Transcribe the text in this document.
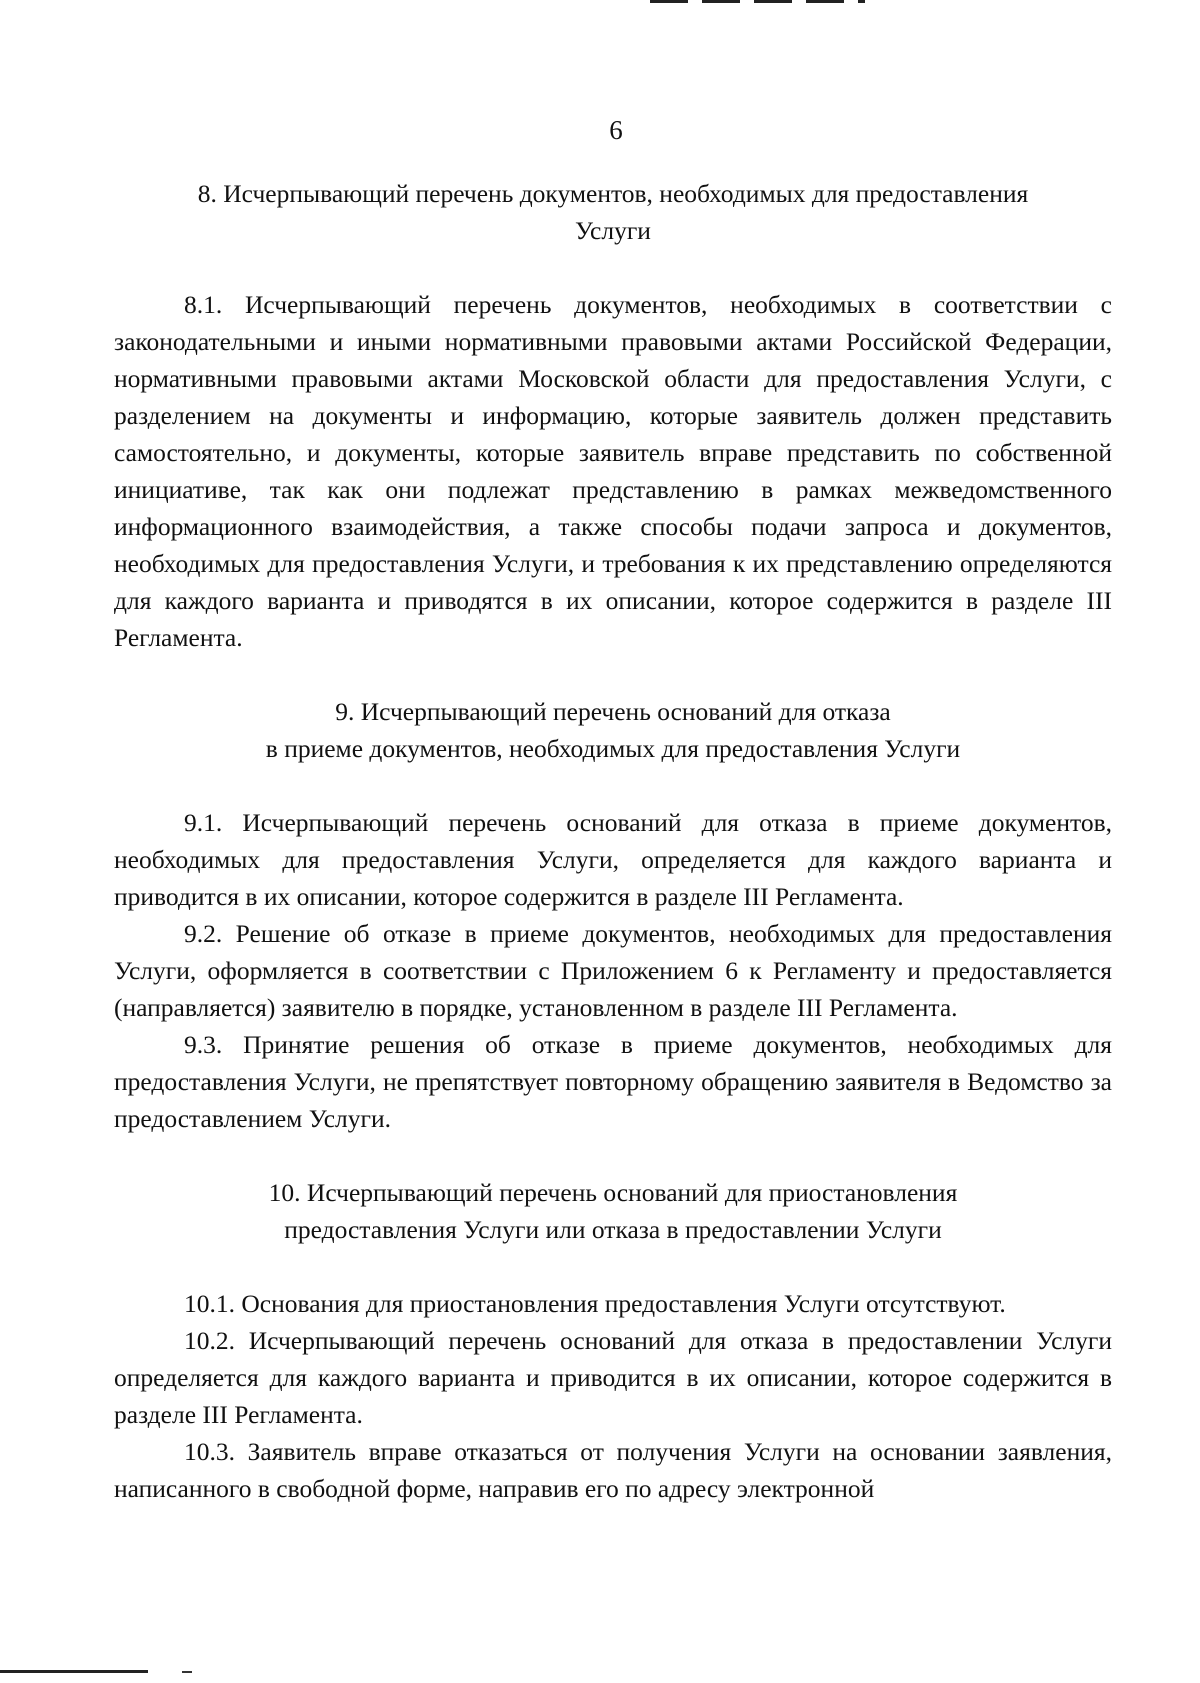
6
8. Исчерпывающий перечень документов, необходимых для предоставления
Услуги

8.1. Исчерпывающий перечень документов, необходимых в соответствии с законодательными и иными нормативными правовыми актами Российской Федерации, нормативными правовыми актами Московской области для предоставления Услуги, с разделением на документы и информацию, которые заявитель должен представить самостоятельно, и документы, которые заявитель вправе представить по собственной инициативе, так как они подлежат представлению в рамках межведомственного информационного взаимодействия, а также способы подачи запроса и документов, необходимых для предоставления Услуги, и требования к их представлению определяются для каждого варианта и приводятся в их описании, которое содержится в разделе III Регламента.

9. Исчерпывающий перечень оснований для отказа
в приеме документов, необходимых для предоставления Услуги

9.1. Исчерпывающий перечень оснований для отказа в приеме документов, необходимых для предоставления Услуги, определяется для каждого варианта и приводится в их описании, которое содержится в разделе III Регламента.

9.2. Решение об отказе в приеме документов, необходимых для предоставления Услуги, оформляется в соответствии с Приложением 6 к Регламенту и предоставляется (направляется) заявителю в порядке, установленном в разделе III Регламента.

9.3. Принятие решения об отказе в приеме документов, необходимых для предоставления Услуги, не препятствует повторному обращению заявителя в Ведомство за предоставлением Услуги.

10. Исчерпывающий перечень оснований для приостановления
предоставления Услуги или отказа в предоставлении Услуги

10.1. Основания для приостановления предоставления Услуги отсутствуют.

10.2. Исчерпывающий перечень оснований для отказа в предоставлении Услуги определяется для каждого варианта и приводится в их описании, которое содержится в разделе III Регламента.

10.3. Заявитель вправе отказаться от получения Услуги на основании заявления, написанного в свободной форме, направив его по адресу электронной
